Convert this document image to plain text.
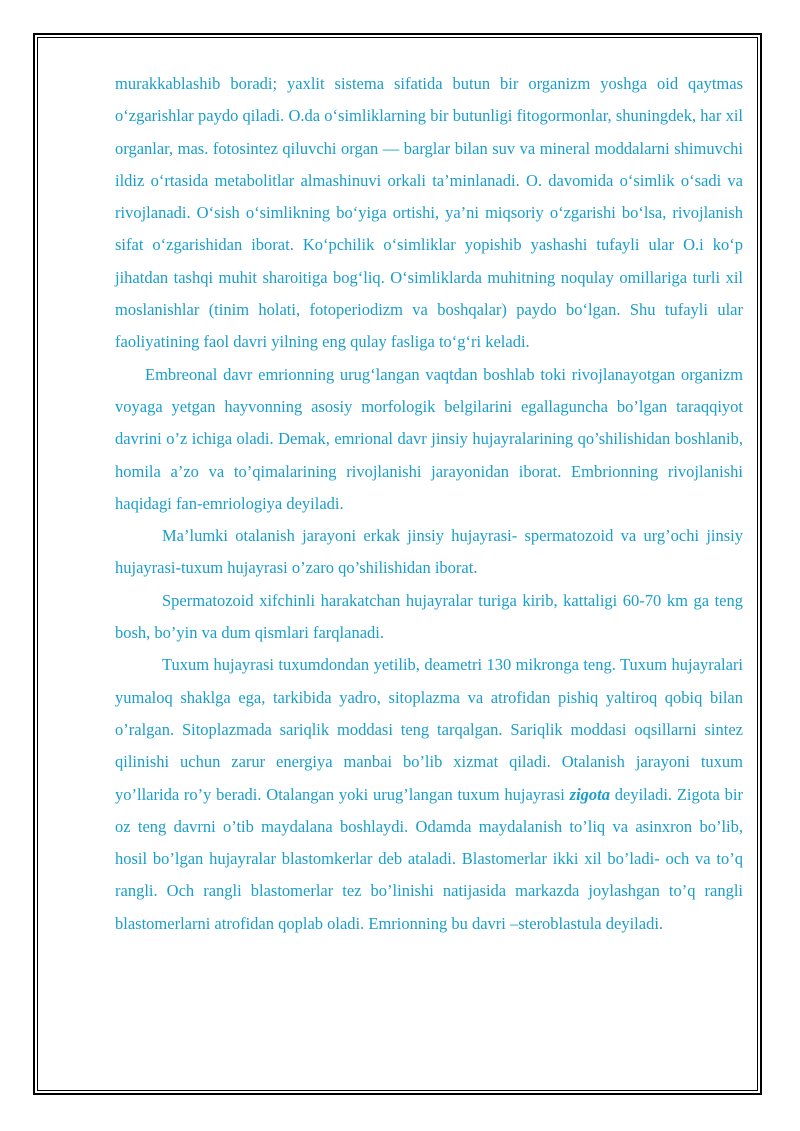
murakkablashib boradi; yaxlit sistema sifatida butun bir organizm yoshga oid qaytmas o‘zgarishlar paydo qiladi. O.da o‘simliklarning bir butunligi fitogormonlar, shuningdek, har xil organlar, mas. fotosintez qiluvchi organ — barglar bilan suv va mineral moddalarni shimuvchi ildiz o‘rtasida metabolitlar almashinuvi orkali ta’minlanadi. O. davomida o‘simlik o‘sadi va rivojlanadi. O‘sish o‘simlikning bo‘yiga ortishi, ya’ni miqsoriy o‘zgarishi bo‘lsa, rivojlanish sifat o‘zgarishidan iborat. Ko‘pchilik o‘simliklar yopishib yashashi tufayli ular O.i ko‘p jihatdan tashqi muhit sharoitiga bog‘liq. O‘simliklarda muhitning noqulay omillariga turli xil moslanishlar (tinim holati, fotoperiodizm va boshqalar) paydo bo‘lgan. Shu tufayli ular faoliyatining faol davri yilning eng qulay fasliga to‘g‘ri keladi.

Embreonal davr emrionning urug‘langan vaqtdan boshlab toki rivojlanayotgan organizm voyaga yetgan hayvonning asosiy morfologik belgilarini egallaguncha bo’lgan taraqqiyot davrini o’z ichiga oladi. Demak, emrional davr jinsiy hujayralarining qo’shilishidan boshlanib, homila a’zo va to’qimalarining rivojlanishi jarayonidan iborat. Embrionning rivojlanishi haqidagi fan-emriologiya deyiladi.

Ma’lumki otalanish jarayoni erkak jinsiy hujayrasi- spermatozoid va urg’ochi jinsiy hujayrasi-tuxum hujayrasi o’zaro qo’shilishidan iborat.

Spermatozoid xifchinli harakatchan hujayralar turiga kirib, kattaligi 60-70 km ga teng bosh, bo’yin va dum qismlari farqlanadi.

Tuxum hujayrasi tuxumdondan yetilib, deametri 130 mikronga teng. Tuxum hujayralari yumaloq shaklga ega, tarkibida yadro, sitoplazma va atrofidan pishiq yaltiroq qobiq bilan o’ralgan. Sitoplazmada sariqlik moddasi teng tarqalgan. Sariqlik moddasi oqsillarni sintez qilinishi uchun zarur energiya manbai bo’lib xizmat qiladi. Otalanish jarayoni tuxum yo’llarida ro’y beradi. Otalangan yoki urug’langan tuxum hujayrasi zigota deyiladi. Zigota bir oz teng davrni o’tib maydalana boshlaydi. Odamda maydalanish to’liq va asinxron bo’lib, hosil bo’lgan hujayralar blastomkerlar deb ataladi. Blastomerlar ikki xil bo’ladi- och va to’q rangli. Och rangli blastomerlar tez bo’linishi natijasida markazda joylashgan to’q rangli blastomerlarni atrofidan qoplab oladi. Emrionning bu davri –steroblastula deyiladi.
